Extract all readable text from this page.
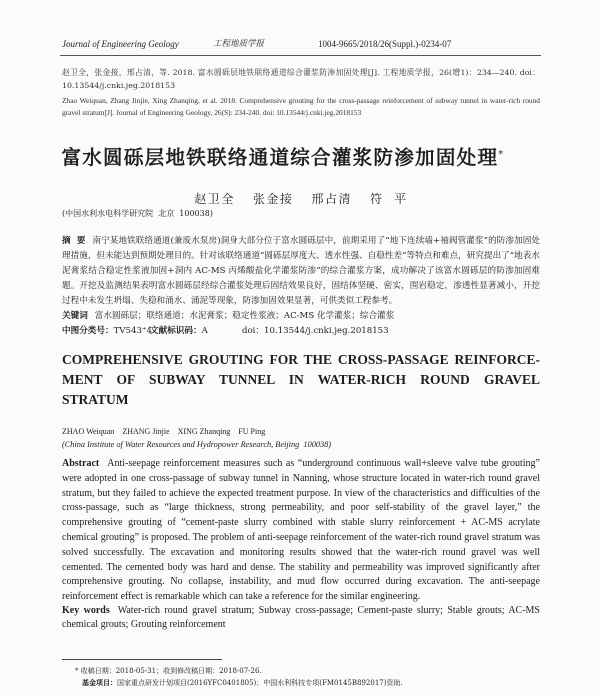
Journal of Engineering Geology	工程地质学报	1004-9665/2018/26(Suppl.)-0234-07
赵卫全，张金接，邢占清，等. 2018. 富水圆砾层地铁联络通道综合灌浆防渗加固处理[J]. 工程地质学报，26(增1)：234—240. doi：10.13544/j.cnki.jeg.2018153
Zhao Weiquan, Zhang Jinjie, Xing Zhanqing, et al. 2018. Comprehensive grouting for the cross-passage reinforcement of subway tunnel in water-rich round gravel stratum[J]. Journal of Engineering Geology, 26(S): 234-240. doi: 10.13544/j.cnki.jeg.2018153
富水圆砾层地铁联络通道综合灌浆防渗加固处理*
赵卫全 张金接 邢占清 符  平
(中国水利水电科学研究院  北京  100038)
摘  要 南宁某地铁联络通道(兼废水泵房)洞身大部分位于富水圆砾层中，前期采用了“地下连续墙+袖阀管灌浆”的防渗加固处理措施，但未能达到预期处理目的。针对该联络通道“圆砾层厚度大、透水性强、自稳性差”等特点和难点，研究提出了“地表水泥膏浆结合稳定性浆液加固+洞内 AC-MS 丙烯酸盐化学灌浆防渗”的综合灌浆方案，成功解决了该富水圆砾层的防渗加固难题。开挖及监测结果表明富水圆砾层经综合灌浆处理后固结效果良好，固结体坚硬、密实，围岩稳定，渗透性显著减小，开挖过程中未发生坍塌、失稳和涌水、涌泥等现象，防渗加固效果显著，可供类似工程参考。
关键词 富水圆砾层；联络通道；水泥膏浆；稳定性浆液；AC-MS 化学灌浆；综合灌浆
中图分类号：TV543⁺4
文献标识码：A	doi：10.13544/j.cnki.jeg.2018153
COMPREHENSIVE GROUTING FOR THE CROSS-PASSAGE REINFORCE-
MENT OF SUBWAY TUNNEL IN WATER-RICH ROUND GRAVEL
STRATUM
ZHAO Weiquan ZHANG Jinjie XING Zhanqing FU Ping
(China Institute of Water Resources and Hydropower Research, Beijing  100038)
Abstract Anti-seepage reinforcement measures such as “underground continuous wall+sleeve valve tube grouting” were adopted in one cross-passage of subway tunnel in Nanning, whose structure located in water-rich round gravel stratum, but they failed to achieve the expected treatment purpose. In view of the characteristics and difficulties of the cross-passage, such as “large thickness, strong permeability, and poor self-stability of the gravel layer,” the comprehensive grouting of “cement-paste slurry combined with stable slurry reinforcement + AC-MS acrylate chemical grouting” is proposed. The problem of anti-seepage reinforcement of the water-rich round gravel stratum was solved successfully. The excavation and monitoring results showed that the water-rich round gravel was well cemented. The cemented body was hard and dense. The stability and permeability was improved significantly after comprehensive grouting. No collapse, instability, and mud flow occurred during excavation. The anti-seepage reinforcement effect is remarkable which can take a reference for the similar engineering.
Key words Water-rich round gravel stratum; Subway cross-passage; Cement-paste slurry; Stable grouts; AC-MS chemical grouts; Grouting reinforcement
* 收稿日期：2018-05-31；收到修改稿日期：2018-07-26.
基金项目：国家重点研发计划项目(2016YFC0401805)；中国水利科技专项(FM0145B892017)资助.
